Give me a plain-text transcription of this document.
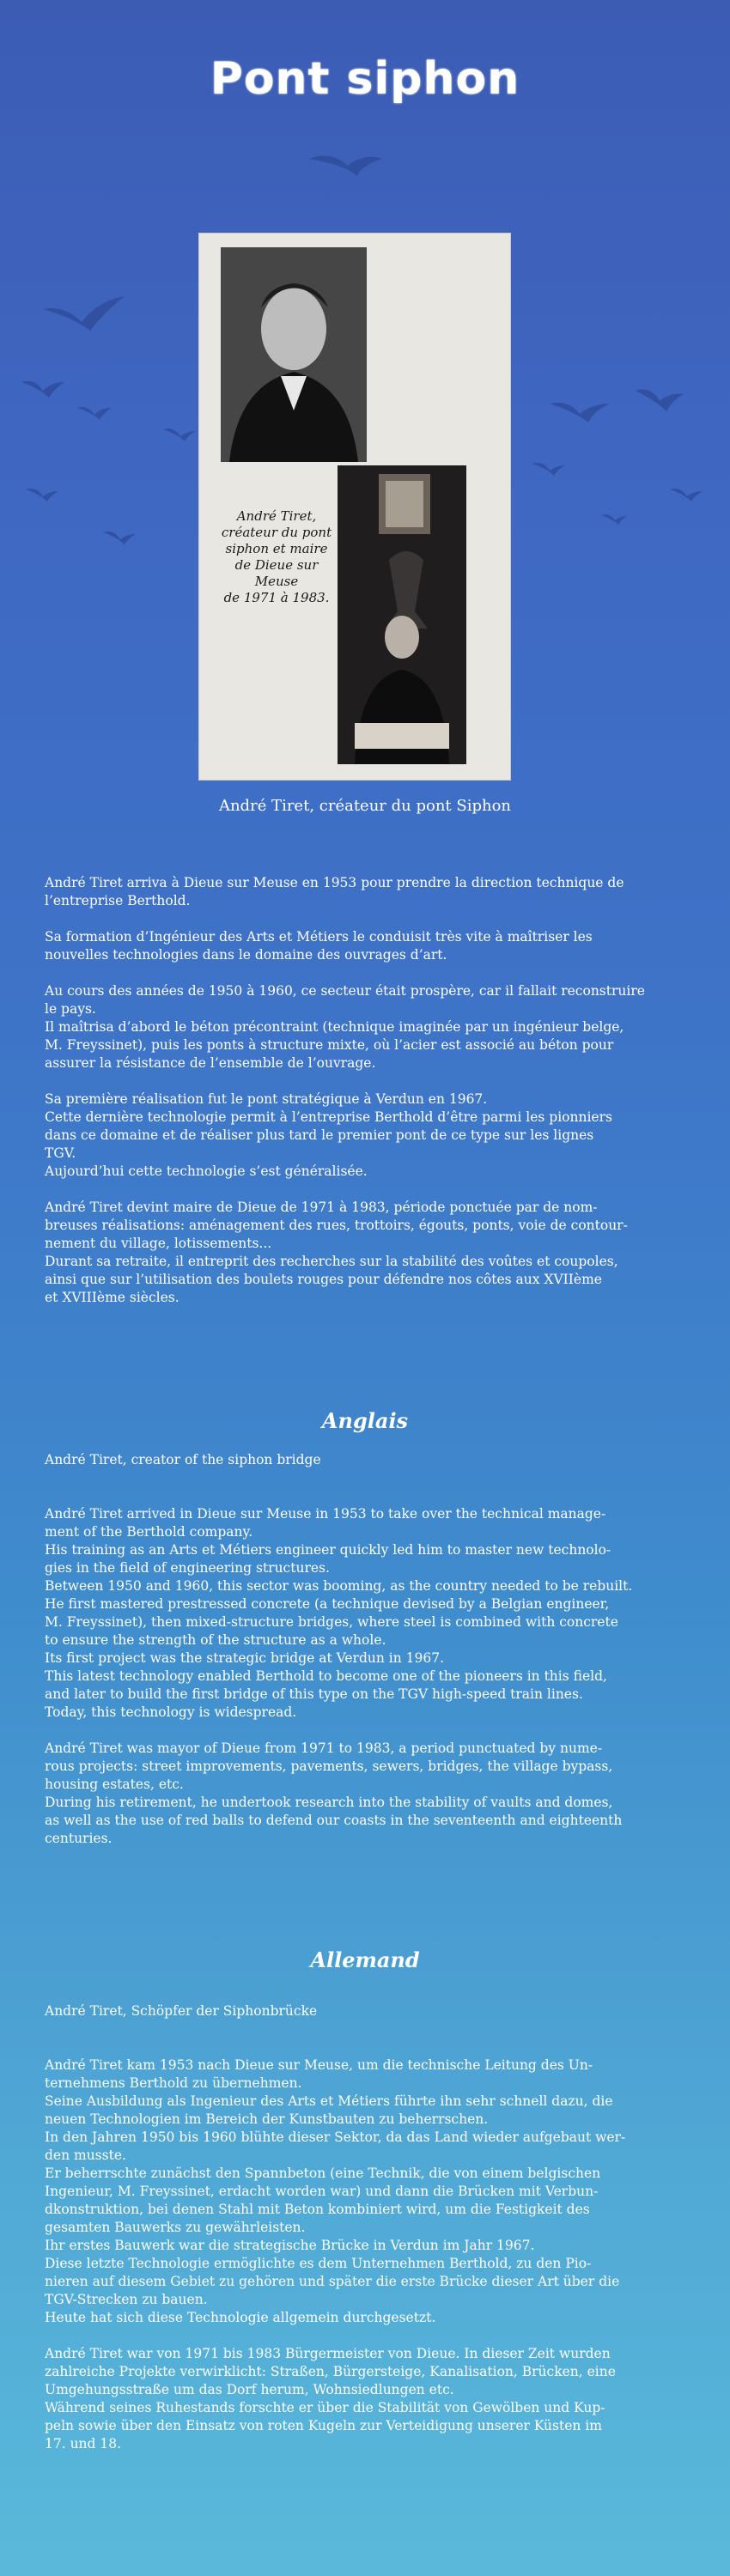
Pont siphon
André Tiret,
créateur du pont
siphon et maire
de Dieue sur Meuse
de 1971 à 1983.
André Tiret, créateur du pont Siphon
André Tiret arriva à Dieue sur Meuse en 1953 pour prendre la direction technique de
l’entreprise Berthold.

Sa formation d’Ingénieur des Arts et Métiers le conduisit très vite à maîtriser les
nouvelles technologies dans le domaine des ouvrages d’art.

Au cours des années de 1950 à 1960, ce secteur était prospère, car il fallait reconstruire
le pays.
Il maîtrisa d’abord le béton précontraint (technique imaginée par un ingénieur belge,
M. Freyssinet), puis les ponts à structure mixte, où l’acier est associé au béton pour
assurer la résistance de l’ensemble de l’ouvrage.

Sa première réalisation fut le pont stratégique à Verdun en 1967.
Cette dernière technologie permit à l’entreprise Berthold d’être parmi les pionniers
dans ce domaine et de réaliser plus tard le premier pont de ce type sur les lignes
TGV.
Aujourd’hui cette technologie s’est généralisée.

André Tiret devint maire de Dieue de 1971 à 1983, période ponctuée par de nom-
breuses réalisations: aménagement des rues, trottoirs, égouts, ponts, voie de contour-
nement du village, lotissements...
Durant sa retraite, il entreprit des recherches sur la stabilité des voûtes et coupoles,
ainsi que sur l’utilisation des boulets rouges pour défendre nos côtes aux XVIIème
et XVIIIème siècles.
Anglais
André Tiret, creator of the siphon bridge

André Tiret arrived in Dieue sur Meuse in 1953 to take over the technical manage-
ment of the Berthold company.
His training as an Arts et Métiers engineer quickly led him to master new technolo-
gies in the field of engineering structures.
Between 1950 and 1960, this sector was booming, as the country needed to be rebuilt.
He first mastered prestressed concrete (a technique devised by a Belgian engineer,
M. Freyssinet), then mixed-structure bridges, where steel is combined with concrete
to ensure the strength of the structure as a whole.
Its first project was the strategic bridge at Verdun in 1967.
This latest technology enabled Berthold to become one of the pioneers in this field,
and later to build the first bridge of this type on the TGV high-speed train lines.
Today, this technology is widespread.

André Tiret was mayor of Dieue from 1971 to 1983, a period punctuated by nume-
rous projects: street improvements, pavements, sewers, bridges, the village bypass,
housing estates, etc.
During his retirement, he undertook research into the stability of vaults and domes,
as well as the use of red balls to defend our coasts in the seventeenth and eighteenth
centuries.
Allemand
André Tiret, Schöpfer der Siphonbrücke

André Tiret kam 1953 nach Dieue sur Meuse, um die technische Leitung des Un-
ternehmens Berthold zu übernehmen.
Seine Ausbildung als Ingenieur des Arts et Métiers führte ihn sehr schnell dazu, die
neuen Technologien im Bereich der Kunstbauten zu beherrschen.
In den Jahren 1950 bis 1960 blühte dieser Sektor, da das Land wieder aufgebaut wer-
den musste.
Er beherrschte zunächst den Spannbeton (eine Technik, die von einem belgischen
Ingenieur, M. Freyssinet, erdacht worden war) und dann die Brücken mit Verbun-
dkonstruktion, bei denen Stahl mit Beton kombiniert wird, um die Festigkeit des
gesamten Bauwerks zu gewährleisten.
Ihr erstes Bauwerk war die strategische Brücke in Verdun im Jahr 1967.
Diese letzte Technologie ermöglichte es dem Unternehmen Berthold, zu den Pio-
nieren auf diesem Gebiet zu gehören und später die erste Brücke dieser Art über die
TGV-Strecken zu bauen.
Heute hat sich diese Technologie allgemein durchgesetzt.

André Tiret war von 1971 bis 1983 Bürgermeister von Dieue. In dieser Zeit wurden
zahlreiche Projekte verwirklicht: Straßen, Bürgersteige, Kanalisation, Brücken, eine
Umgehungsstraße um das Dorf herum, Wohnsiedlungen etc.
Während seines Ruhestands forschte er über die Stabilität von Gewölben und Kup-
peln sowie über den Einsatz von roten Kugeln zur Verteidigung unserer Küsten im
17. und 18.
